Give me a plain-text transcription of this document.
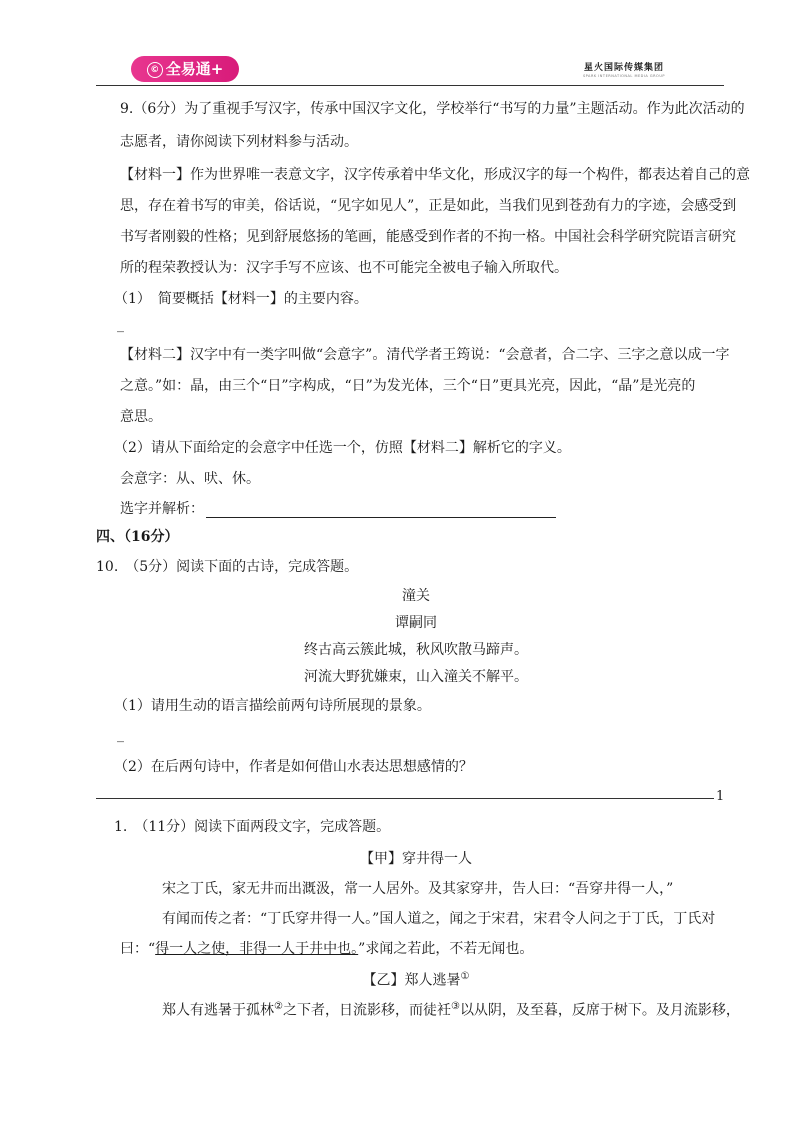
© 全易通+	星火国际传媒集团
SPARK INTERNATIONAL MEDIA GROUP
9.（6分）为了重视手写汉字，传承中国汉字文化，学校举行“书写的力量”主题活动。作为此次活动的
志愿者，请你阅读下列材料参与活动。
【材料一】作为世界唯一表意文字，汉字传承着中华文化，形成汉字的每一个构件，都表达着自己的意
思，存在着书写的审美，俗话说，“见字如见人”，正是如此，当我们见到苍劲有力的字迹，会感受到
书写者刚毅的性格；见到舒展悠扬的笔画，能感受到作者的不拘一格。中国社会科学研究院语言研究
所的程荣教授认为：汉字手写不应该、也不可能完全被电子输入所取代。
（1）　简要概括【材料一】的主要内容。
_
【材料二】汉字中有一类字叫做“会意字”。清代学者王筠说：“会意者，合二字、三字之意以成一字
之意。”如：晶，由三个“日”字构成，“日”为发光体，三个“日”更具光亮，因此，“晶”是光亮的
意思。
（2）请从下面给定的会意字中任选一个，仿照【材料二】解析它的字义。
会意字：从、吠、休。
选字并解析：
四、（16分）
10.　（5分）阅读下面的古诗，完成答题。
潼关
谭嗣同
终古高云簇此城，秋风吹散马蹄声。
河流大野犹嫌束，山入潼关不解平。
（1）请用生动的语言描绘前两句诗所展现的景象。
_
（2）在后两句诗中，作者是如何借山水表达思想感情的？
1
1.　（11分）阅读下面两段文字，完成答题。
【甲】穿井得一人
宋之丁氏，家无井而出溉汲，常一人居外。及其家穿井，告人曰：“吾穿井得一人，”
有闻而传之者：“丁氏穿井得一人。”国人道之，闻之于宋君，宋君令人问之于丁氏，丁氏对
曰：“得一人之使，非得一人于井中也。”求闻之若此，不若无闻也。
【乙】郑人逃暑①
郑人有逃暑于孤林②之下者，日流影移，而徒衽③以从阴，及至暮，反席于树下。及月流影移，
